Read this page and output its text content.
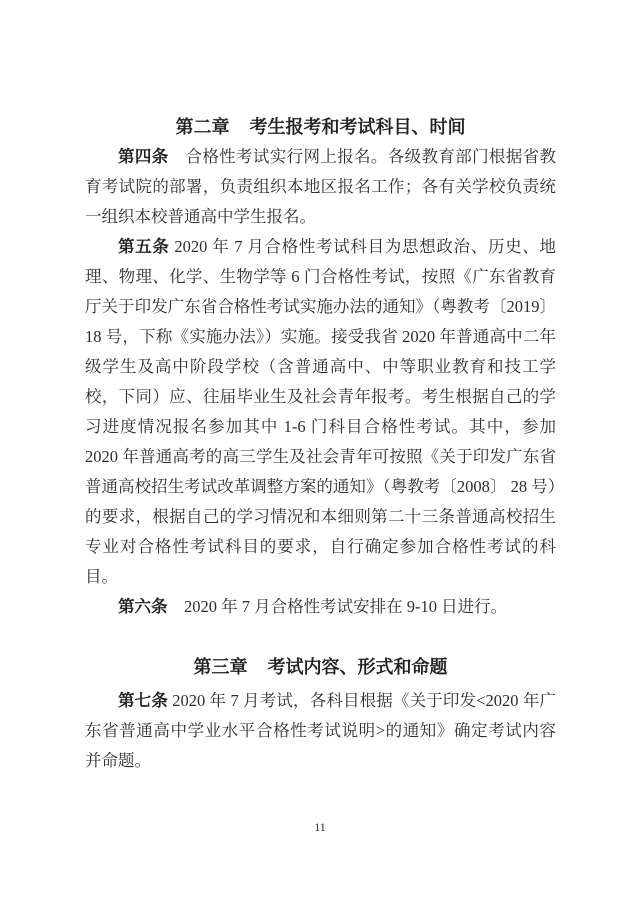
第二章 考生报考和考试科目、时间

第四条　合格性考试实行网上报名。各级教育部门根据省教育考试院的部署，负责组织本地区报名工作；各有关学校负责统一组织本校普通高中学生报名。

第五条 2020 年 7 月合格性考试科目为思想政治、历史、地理、物理、化学、生物学等 6 门合格性考试，按照《广东省教育厅关于印发广东省合格性考试实施办法的通知》（粤教考〔2019〕18 号，下称《实施办法》）实施。接受我省 2020 年普通高中二年级学生及高中阶段学校（含普通高中、中等职业教育和技工学校，下同）应、往届毕业生及社会青年报考。考生根据自己的学习进度情况报名参加其中 1-6 门科目合格性考试。其中，参加 2020 年普通高考的高三学生及社会青年可按照《关于印发广东省普通高校招生考试改革调整方案的通知》（粤教考〔2008〕 28 号）的要求，根据自己的学习情况和本细则第二十三条普通高校招生专业对合格性考试科目的要求，自行确定参加合格性考试的科目。

第六条　2020 年 7 月合格性考试安排在 9-10 日进行。

第三章 考试内容、形式和命题

第七条 2020 年 7 月考试，各科目根据《关于印发<2020 年广东省普通高中学业水平合格性考试说明>的通知》确定考试内容并命题。

11
